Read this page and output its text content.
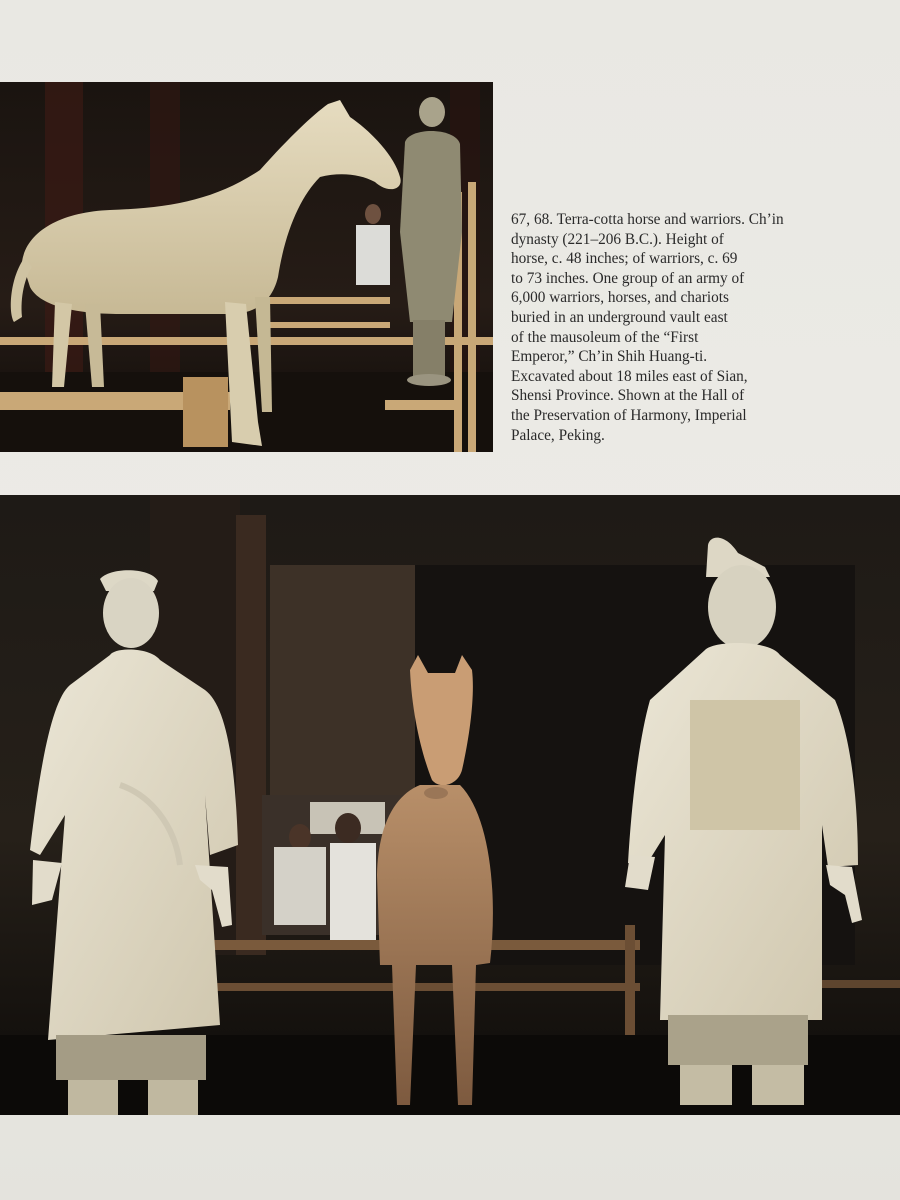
67, 68. Terra-cotta horse and warriors. Ch’in
dynasty (221–206 B.C.). Height of
horse, c. 48 inches; of warriors, c. 69
to 73 inches. One group of an army of
6,000 warriors, horses, and chariots
buried in an underground vault east
of the mausoleum of the “First
Emperor,” Ch’in Shih Huang-ti.
Excavated about 18 miles east of Sian,
Shensi Province. Shown at the Hall of
the Preservation of Harmony, Imperial
Palace, Peking.
